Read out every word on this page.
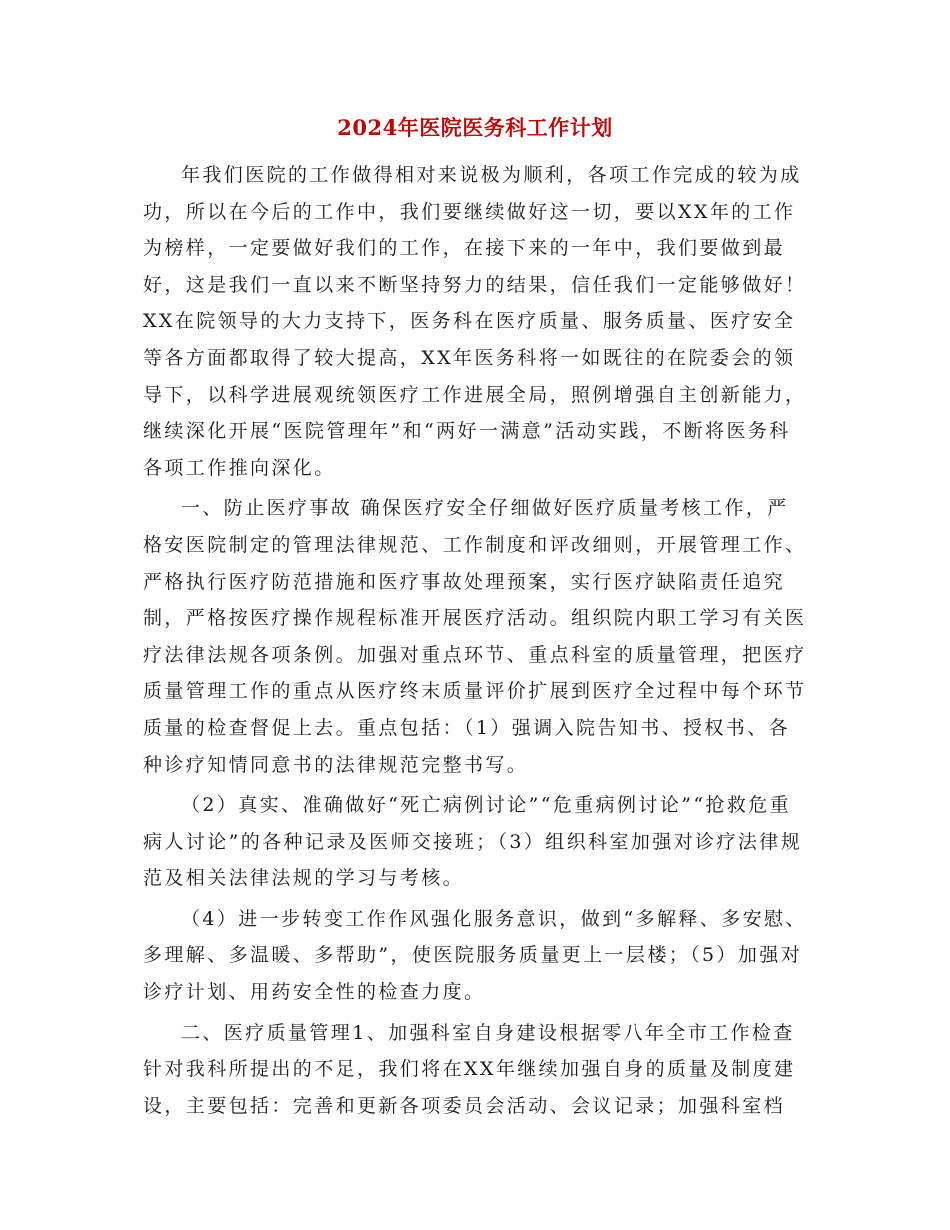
2024年医院医务科工作计划

年我们医院的工作做得相对来说极为顺利，各项工作完成的较为成功，所以在今后的工作中，我们要继续做好这一切，要以XX年的工作为榜样，一定要做好我们的工作，在接下来的一年中，我们要做到最好，这是我们一直以来不断坚持努力的结果，信任我们一定能够做好！XX在院领导的大力支持下，医务科在医疗质量、服务质量、医疗安全等各方面都取得了较大提高，XX年医务科将一如既往的在院委会的领导下，以科学进展观统领医疗工作进展全局，照例增强自主创新能力，继续深化开展“医院管理年”和“两好一满意”活动实践，不断将医务科各项工作推向深化。

一、防止医疗事故 确保医疗安全仔细做好医疗质量考核工作，严格安医院制定的管理法律规范、工作制度和评改细则，开展管理工作、严格执行医疗防范措施和医疗事故处理预案，实行医疗缺陷责任追究制，严格按医疗操作规程标准开展医疗活动。组织院内职工学习有关医疗法律法规各项条例。加强对重点环节、重点科室的质量管理，把医疗质量管理工作的重点从医疗终末质量评价扩展到医疗全过程中每个环节质量的检查督促上去。重点包括：（1）强调入院告知书、授权书、各种诊疗知情同意书的法律规范完整书写。

（2）真实、准确做好“死亡病例讨论”“危重病例讨论”“抢救危重病人讨论”的各种记录及医师交接班；（3）组织科室加强对诊疗法律规范及相关法律法规的学习与考核。

（4）进一步转变工作作风强化服务意识，做到“多解释、多安慰、多理解、多温暖、多帮助”，使医院服务质量更上一层楼；（5）加强对诊疗计划、用药安全性的检查力度。

二、医疗质量管理1、加强科室自身建设根据零八年全市工作检查针对我科所提出的不足，我们将在XX年继续加强自身的质量及制度建设，主要包括：完善和更新各项委员会活动、会议记录；加强科室档
